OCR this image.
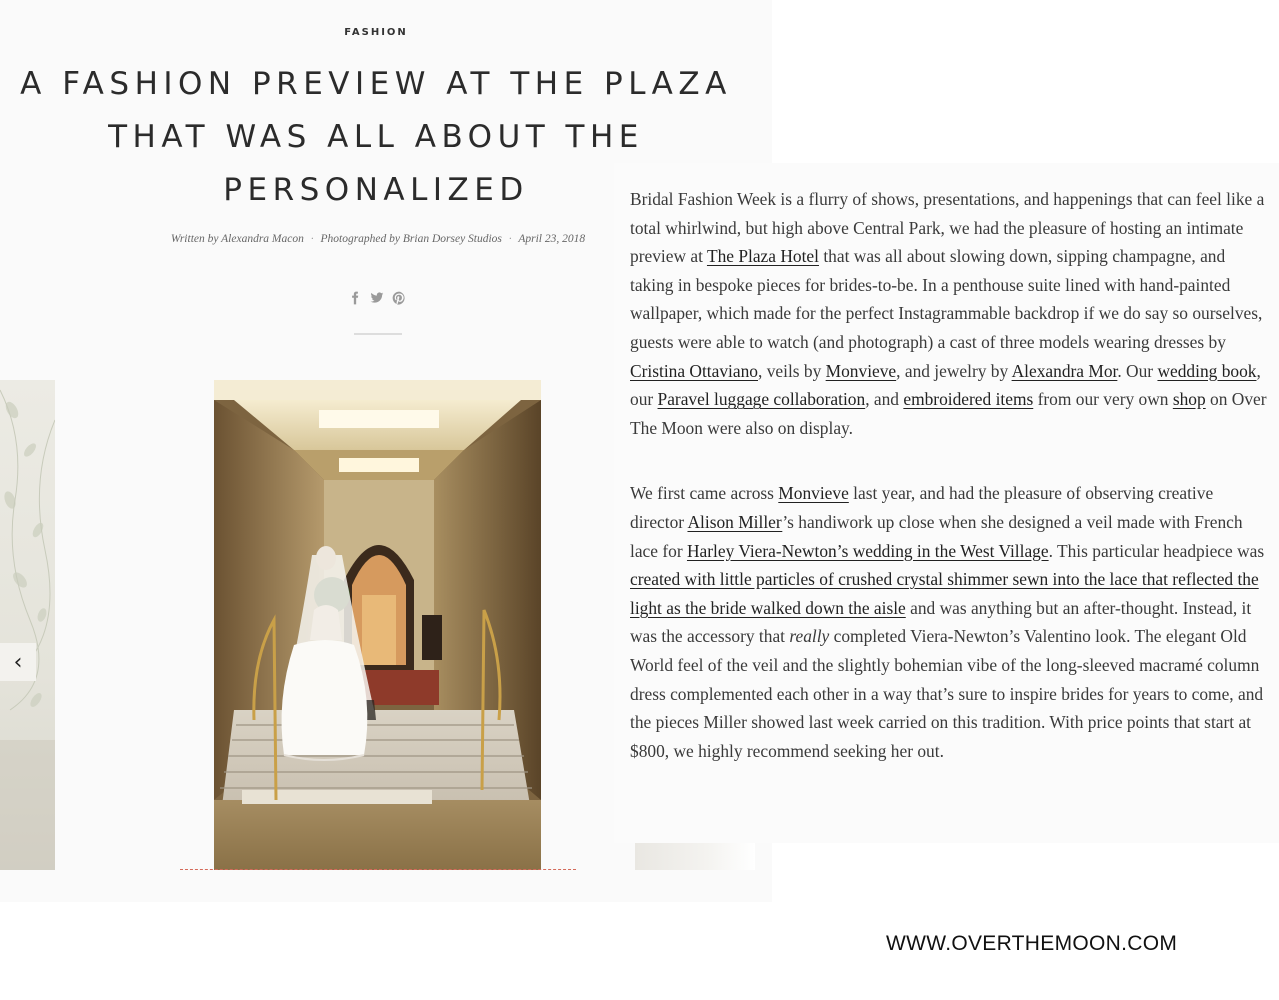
FASHION
A FASHION PREVIEW AT THE PLAZA THAT WAS ALL ABOUT THE PERSONALIZED
Written by Alexandra Macon · Photographed by Brian Dorsey Studios · April 23, 2018
‹

Bridal Fashion Week is a flurry of shows, presentations, and happenings that can feel like a total whirlwind, but high above Central Park, we had the pleasure of hosting an intimate preview at The Plaza Hotel that was all about slowing down, sipping champagne, and taking in bespoke pieces for brides-to-be. In a penthouse suite lined with hand-painted wallpaper, which made for the perfect Instagrammable backdrop if we do say so ourselves, guests were able to watch (and photograph) a cast of three models wearing dresses by Cristina Ottaviano, veils by Monvieve, and jewelry by Alexandra Mor. Our wedding book, our Paravel luggage collaboration, and embroidered items from our very own shop on Over The Moon were also on display.

We first came across Monvieve last year, and had the pleasure of observing creative director Alison Miller’s handiwork up close when she designed a veil made with French lace for Harley Viera-Newton’s wedding in the West Village. This particular headpiece was created with little particles of crushed crystal shimmer sewn into the lace that reflected the light as the bride walked down the aisle and was anything but an after-thought. Instead, it was the accessory that really completed Viera-Newton’s Valentino look. The elegant Old World feel of the veil and the slightly bohemian vibe of the long-sleeved macramé column dress complemented each other in a way that’s sure to inspire brides for years to come, and the pieces Miller showed last week carried on this tradition. With price points that start at $800, we highly recommend seeking her out.

WWW.OVERTHEMOON.COM
